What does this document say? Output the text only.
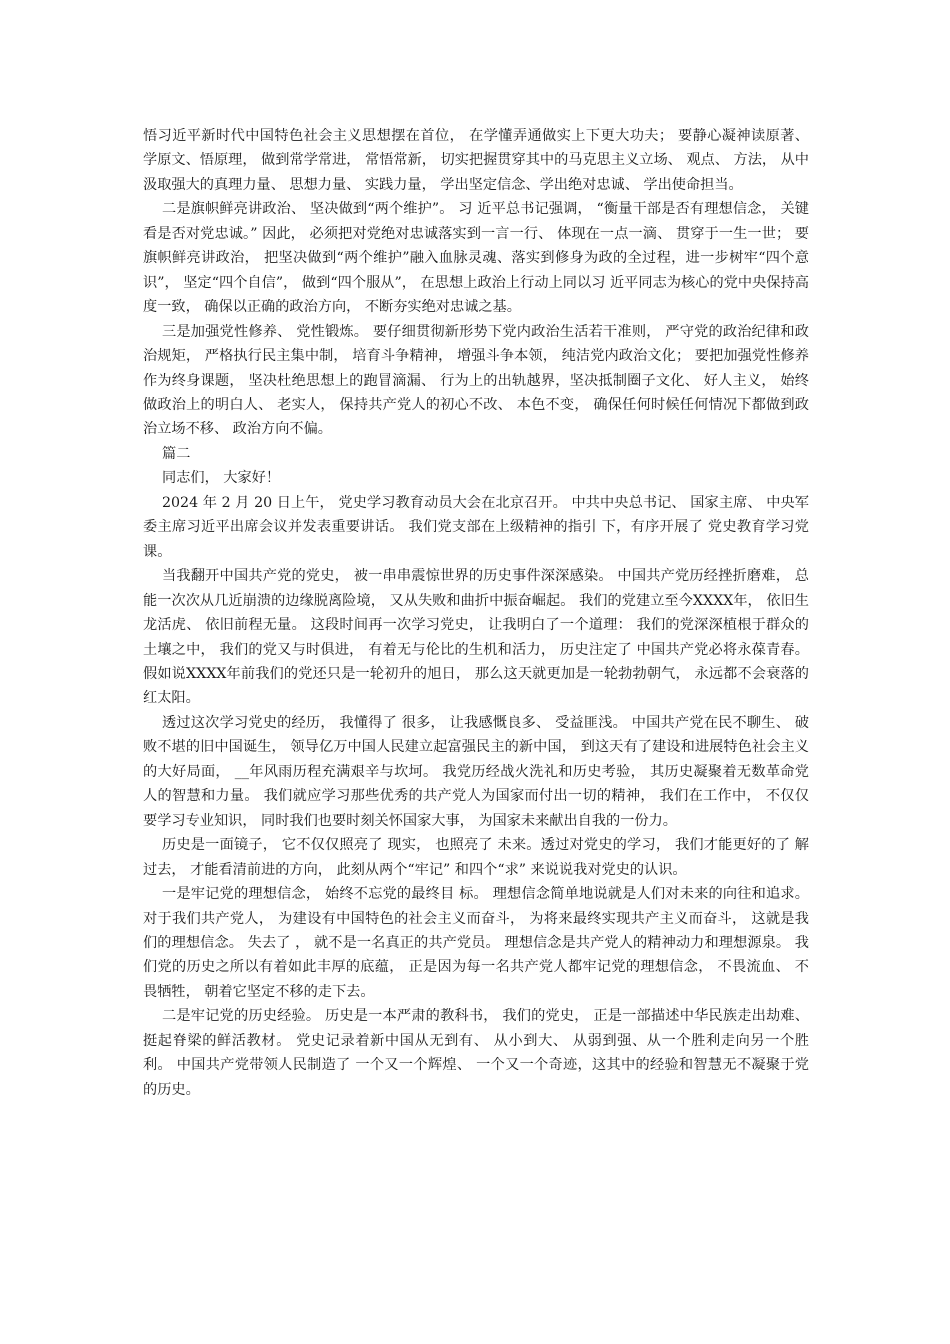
悟习近平新时代中国特色社会主义思想摆在首位， 在学懂弄通做实上下更大功夫； 要静心凝神读原著、 学原文、悟原理， 做到常学常进， 常悟常新， 切实把握贯穿其中的马克思主义立场、 观点、 方法， 从中汲取强大的真理力量、 思想力量、 实践力量， 学出坚定信念、学出绝对忠诚、 学出使命担当。

二是旗帜鲜亮讲政治、 坚决做到“两个维护”。 习 近平总书记强调， “衡量干部是否有理想信念， 关键看是否对党忠诚。” 因此， 必须把对党绝对忠诚落实到一言一行、 体现在一点一滴、 贯穿于一生一世； 要旗帜鲜亮讲政治， 把坚决做到“两个维护”融入血脉灵魂、落实到修身为政的全过程，进一步树牢“四个意识”， 坚定“四个自信”， 做到“四个服从”， 在思想上政治上行动上同以习 近平同志为核心的党中央保持高度一致， 确保以正确的政治方向， 不断夯实绝对忠诚之基。

三是加强党性修养、 党性锻炼。 要仔细贯彻新形势下党内政治生活若干准则， 严守党的政治纪律和政治规矩， 严格执行民主集中制， 培育斗争精神， 增强斗争本领， 纯洁党内政治文化； 要把加强党性修养作为终身课题， 坚决杜绝思想上的跑冒滴漏、 行为上的出轨越界，坚决抵制圈子文化、 好人主义， 始终做政治上的明白人、 老实人， 保持共产党人的初心不改、 本色不变， 确保任何时候任何情况下都做到政治立场不移、 政治方向不偏。

篇二

同志们， 大家好！

2024 年 2 月 20 日上午， 党史学习教育动员大会在北京召开。 中共中央总书记、 国家主席、 中央军委主席习近平出席会议并发表重要讲话。 我们党支部在上级精神的指引 下，有序开展了 党史教育学习党课。

当我翻开中国共产党的党史， 被一串串震惊世界的历史事件深深感染。 中国共产党历经挫折磨难， 总能一次次从几近崩溃的边缘脱离险境， 又从失败和曲折中振奋崛起。 我们的党建立至今XXXX年， 依旧生龙活虎、 依旧前程无量。 这段时间再一次学习党史， 让我明白了一个道理： 我们的党深深植根于群众的土壤之中， 我们的党又与时俱进， 有着无与伦比的生机和活力， 历史注定了 中国共产党必将永葆青春。 假如说XXXX年前我们的党还只是一轮初升的旭日， 那么这天就更加是一轮勃勃朝气， 永远都不会衰落的红太阳。

透过这次学习党史的经历， 我懂得了 很多， 让我感慨良多、 受益匪浅。 中国共产党在民不聊生、 破败不堪的旧中国诞生， 领导亿万中国人民建立起富强民主的新中国， 到这天有了建设和进展特色社会主义的大好局面， __年风雨历程充满艰辛与坎坷。 我党历经战火洗礼和历史考验， 其历史凝聚着无数革命党人的智慧和力量。 我们就应学习那些优秀的共产党人为国家而付出一切的精神， 我们在工作中， 不仅仅要学习专业知识， 同时我们也要时刻关怀国家大事， 为国家未来献出自我的一份力。

历史是一面镜子， 它不仅仅照亮了 现实， 也照亮了 未来。透过对党史的学习， 我们才能更好的了 解过去， 才能看清前进的方向， 此刻从两个“牢记” 和四个“求” 来说说我对党史的认识。

一是牢记党的理想信念， 始终不忘党的最终目 标。 理想信念简单地说就是人们对未来的向往和追求。 对于我们共产党人， 为建设有中国特色的社会主义而奋斗， 为将来最终实现共产主义而奋斗， 这就是我们的理想信念。 失去了 ， 就不是一名真正的共产党员。 理想信念是共产党人的精神动力和理想源泉。 我们党的历史之所以有着如此丰厚的底蕴， 正是因为每一名共产党人都牢记党的理想信念， 不畏流血、 不畏牺牲， 朝着它坚定不移的走下去。

二是牢记党的历史经验。 历史是一本严肃的教科书， 我们的党史， 正是一部描述中华民族走出劫难、 挺起脊梁的鲜活教材。 党史记录着新中国从无到有、 从小到大、 从弱到强、从一个胜利走向另一个胜利。 中国共产党带领人民制造了 一个又一个辉煌、 一个又一个奇迹，这其中的经验和智慧无不凝聚于党的历史。
